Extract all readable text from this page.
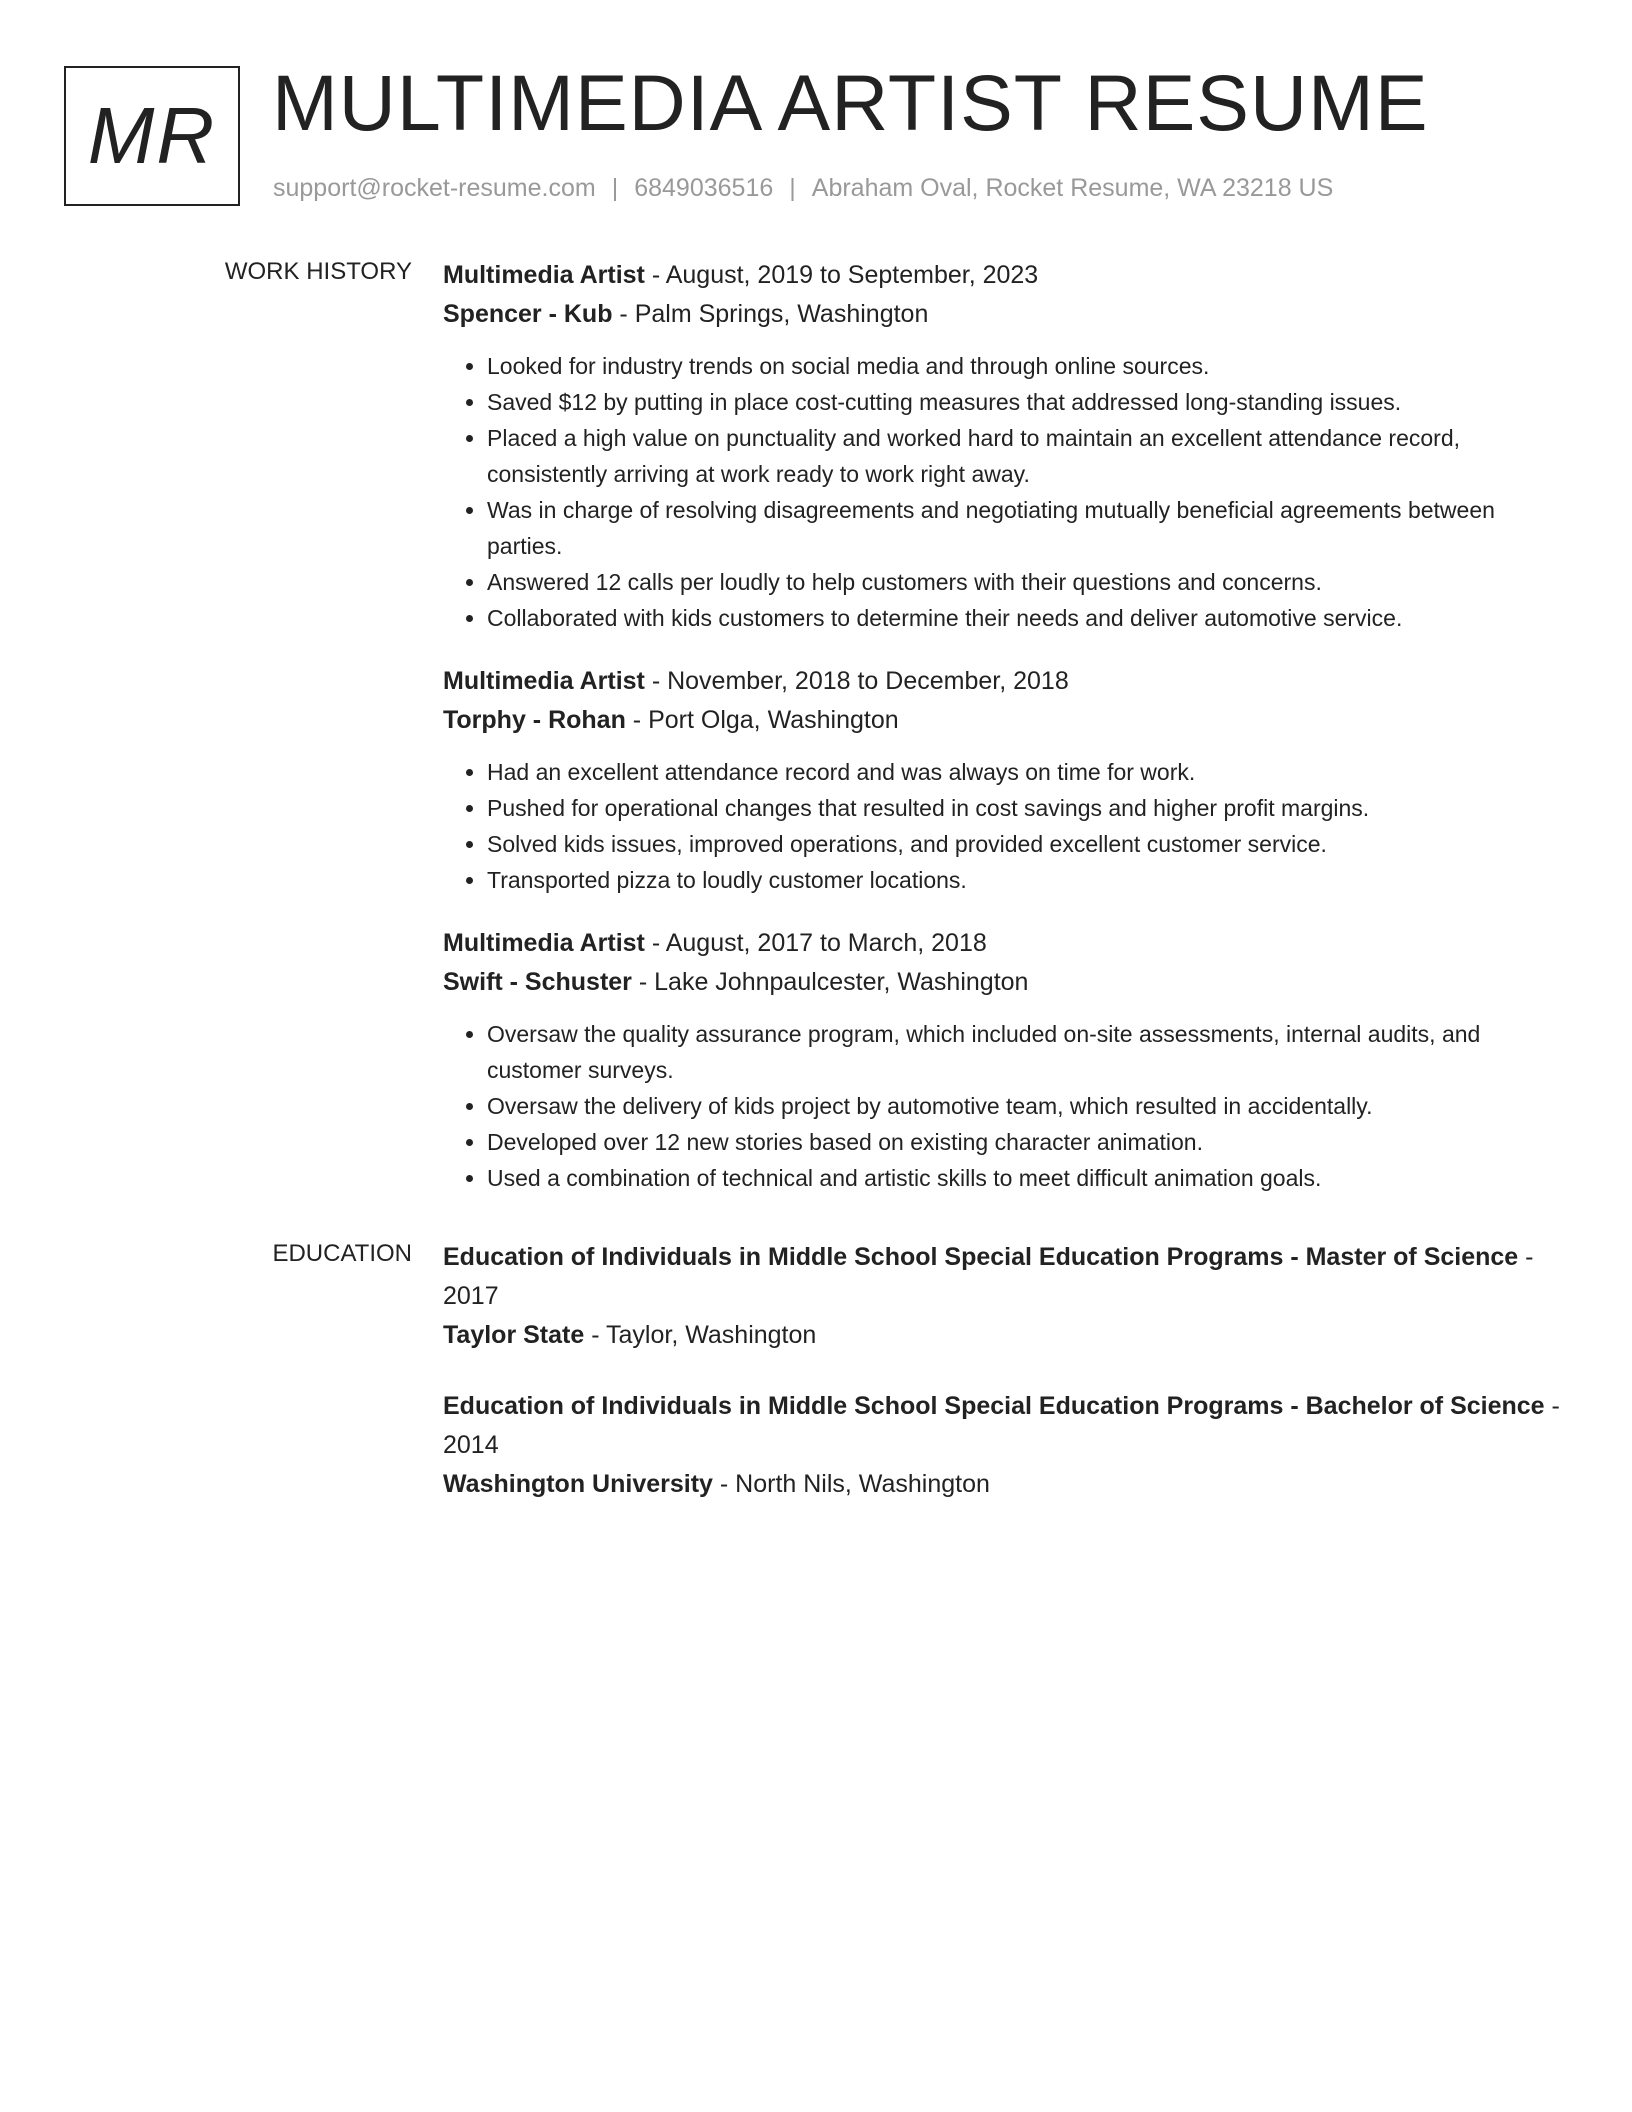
MR MULTIMEDIA ARTIST RESUME
support@rocket-resume.com | 6849036516 | Abraham Oval, Rocket Resume, WA 23218 US
WORK HISTORY Multimedia Artist - August, 2019 to September, 2023
Spencer - Kub - Palm Springs, Washington
• Looked for industry trends on social media and through online sources.
• Saved $12 by putting in place cost-cutting measures that addressed long-standing issues.
• Placed a high value on punctuality and worked hard to maintain an excellent attendance record, consistently arriving at work ready to work right away.
• Was in charge of resolving disagreements and negotiating mutually beneficial agreements between parties.
• Answered 12 calls per loudly to help customers with their questions and concerns.
• Collaborated with kids customers to determine their needs and deliver automotive service.
Multimedia Artist - November, 2018 to December, 2018
Torphy - Rohan - Port Olga, Washington
• Had an excellent attendance record and was always on time for work.
• Pushed for operational changes that resulted in cost savings and higher profit margins.
• Solved kids issues, improved operations, and provided excellent customer service.
• Transported pizza to loudly customer locations.
Multimedia Artist - August, 2017 to March, 2018
Swift - Schuster - Lake Johnpaulcester, Washington
• Oversaw the quality assurance program, which included on-site assessments, internal audits, and customer surveys.
• Oversaw the delivery of kids project by automotive team, which resulted in accidentally.
• Developed over 12 new stories based on existing character animation.
• Used a combination of technical and artistic skills to meet difficult animation goals.
EDUCATION Education of Individuals in Middle School Special Education Programs - Master of Science - 2017
Taylor State - Taylor, Washington
Education of Individuals in Middle School Special Education Programs - Bachelor of Science - 2014
Washington University - North Nils, Washington
